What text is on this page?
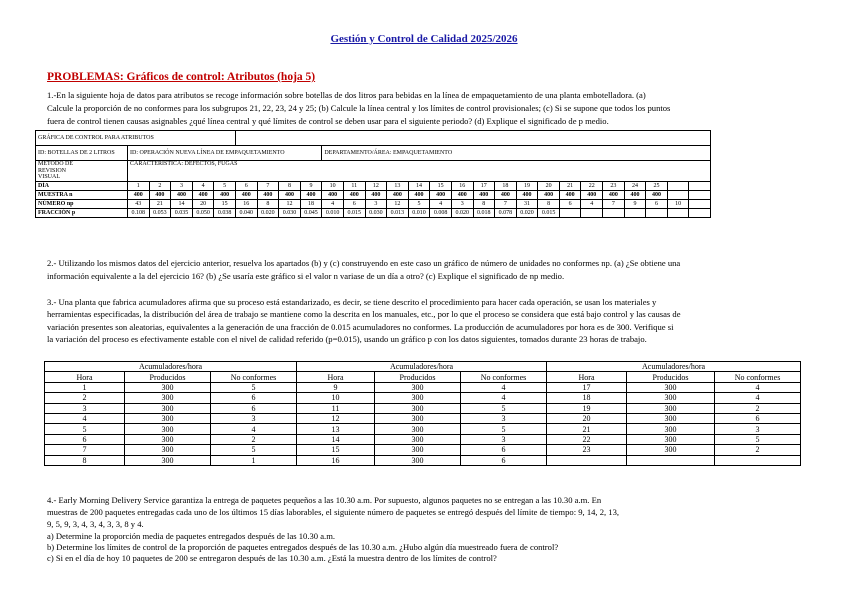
Gestión y Control de Calidad 2025/2026
PROBLEMAS: Gráficos de control: Atributos (hoja 5)
1.-En la siguiente hoja de datos para atributos se recoge información sobre botellas de dos litros para bebidas en la línea de empaquetamiento de una planta embotelladora. (a)
Calcule la proporción de no conformes para los subgrupos 21, 22, 23, 24 y 25; (b) Calcule la línea central y los límites de control provisionales; (c) Si se supone que todos los puntos
fuera de control tienen causas asignables ¿qué línea central y qué límites de control se deben usar para el siguiente periodo? (d) Explique el significado de p medio.
GRÁFICA DE CONTROL PARA ATRIBUTOS																											
ID: BOTELLAS DE 2 LITROS	ID: OPERACIÓN NUEVA LÍNEA DE EMPAQUETAMIENTO									DEPARTAMENTO/ÁREA: EMPAQUETAMIENTO																	
MÉTODO DE
REVISION
VISUAL	CARACTERÍSTICA: DEFECTOS, FUGAS																										
DÍA	1	2	3	4	5	6	7	8	9	10	11	12	13	14	15	16	17	18	19	20	21	22	23	24	25		
MUESTRA n	400	400	400	400	400	400	400	400	400	400	400	400	400	400	400	400	400	400	400	400	400	400	400	400	400		
NÚMERO np	43	21	14	20	15	16	8	12	18	4	6	3	12	5	4	3	8	7	31	8	6	4	7	9	6	10	
FRACCIÓN p	0.108	0.053	0.035	0.050	0.038	0.040	0.020	0.030	0.045	0.010	0.015	0.030	0.013	0.010	0.008	0.020	0.018	0.078	0.020	0.015							
2.- Utilizando los mismos datos del ejercicio anterior, resuelva los apartados (b) y (c) construyendo en este caso un gráfico de número de unidades no conformes np. (a) ¿Se obtiene una
información equivalente a la del ejercicio 16? (b) ¿Se usaría este gráfico si el valor n variase de un día a otro? (c) Explique el significado de np medio.
3.- Una planta que fabrica acumuladores afirma que su proceso está estandarizado, es decir, se tiene descrito el procedimiento para hacer cada operación, se usan los materiales y
herramientas especificadas, la distribución del área de trabajo se mantiene como la descrita en los manuales, etc., por lo que el proceso se considera que está bajo control y las causas de
variación presentes son aleatorias, equivalentes a la generación de una fracción de 0.015 acumuladores no conformes. La producción de acumuladores por hora es de 300. Verifique si
la variación del proceso es efectivamente estable con el nivel de calidad referido (p=0.015), usando un gráfico p con los datos siguientes, tomados durante 23 horas de trabajo.
Acumuladores/hora			Acumuladores/hora			Acumuladores/hora		
Hora	Producidos	No conformes	Hora	Producidos	No conformes	Hora	Producidos	No conformes
1	300	5	9	300	4	17	300	4
2	300	6	10	300	4	18	300	4
3	300	6	11	300	5	19	300	2
4	300	3	12	300	3	20	300	6
5	300	4	13	300	5	21	300	3
6	300	2	14	300	3	22	300	5
7	300	5	15	300	6	23	300	2
8	300	1	16	300	6			
4.- Early Morning Delivery Service garantiza la entrega de paquetes pequeños a las 10.30 a.m. Por supuesto, algunos paquetes no se entregan a las 10.30 a.m. En
muestras de 200 paquetes entregadas cada uno de los últimos 15 días laborables, el siguiente número de paquetes se entregó después del límite de tiempo: 9, 14, 2, 13,
9, 5, 9, 3, 4, 3, 4, 3, 3, 8 y 4.
a) Determine la proporción media de paquetes entregados después de las 10.30 a.m.
b) Determine los límites de control de la proporción de paquetes entregados después de las 10.30 a.m. ¿Hubo algún día muestreado fuera de control?
c) Si en el día de hoy 10 paquetes de 200 se entregaron después de las 10.30 a.m. ¿Está la muestra dentro de los límites de control?
